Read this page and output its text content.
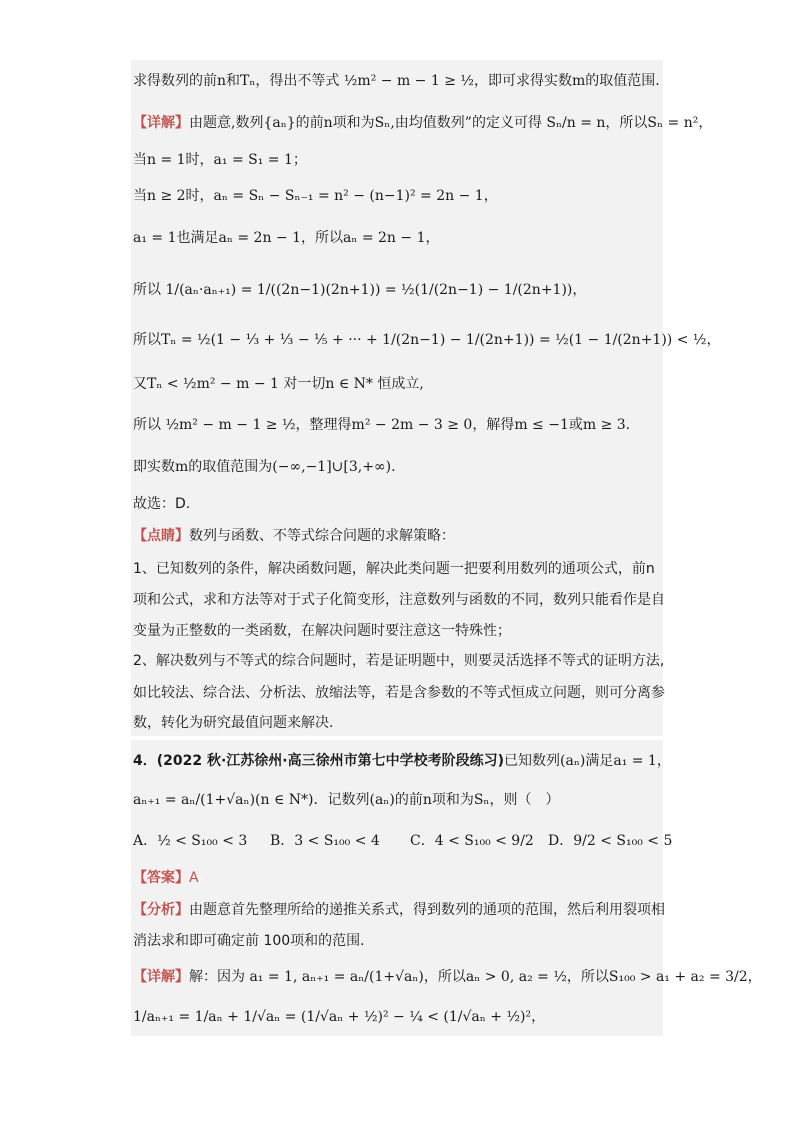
求得数列的前n和Tₙ，得出不等式 ½m² − m − 1 ≥ ½，即可求得实数m的取值范围.
【详解】由题意,数列{aₙ}的前n项和为Sₙ,由均值数列”的定义可得 Sₙ/n = n，所以Sₙ = n²，
当n = 1时，a₁ = S₁ = 1；
当n ≥ 2时，aₙ = Sₙ − Sₙ₋₁ = n² − (n−1)² = 2n − 1，
a₁ = 1也满足aₙ = 2n − 1，所以aₙ = 2n − 1，
所以 1/(aₙ·aₙ₊₁) = 1/((2n−1)(2n+1)) = ½(1/(2n−1) − 1/(2n+1))，
所以Tₙ = ½(1 − ⅓ + ⅓ − ⅕ + ··· + 1/(2n−1) − 1/(2n+1)) = ½(1 − 1/(2n+1)) < ½，
又Tₙ < ½m² − m − 1 对一切n ∈ N* 恒成立,
所以 ½m² − m − 1 ≥ ½，整理得m² − 2m − 3 ≥ 0，解得m ≤ −1或m ≥ 3.
即实数m的取值范围为(−∞,−1]∪[3,+∞).
故选：D.
【点睛】数列与函数、不等式综合问题的求解策略：
1、已知数列的条件，解决函数问题，解决此类问题一把要利用数列的通项公式，前n
项和公式，求和方法等对于式子化简变形，注意数列与函数的不同，数列只能看作是自
变量为正整数的一类函数，在解决问题时要注意这一特殊性；
2、解决数列与不等式的综合问题时，若是证明题中，则要灵活选择不等式的证明方法,
如比较法、综合法、分析法、放缩法等，若是含参数的不等式恒成立问题，则可分离参
数，转化为研究最值问题来解决.
4．(2022 秋·江苏徐州·高三徐州市第七中学校考阶段练习)已知数列(aₙ)满足a₁ = 1，
aₙ₊₁ = aₙ/(1+√aₙ)(n ∈ N*)．记数列(aₙ)的前n项和为Sₙ，则（　）
A．½ < S₁₀₀ < 3 B．3 < S₁₀₀ < 4 C．4 < S₁₀₀ < 9/2 D．9/2 < S₁₀₀ < 5
【答案】A
【分析】由题意首先整理所给的递推关系式，得到数列的通项的范围，然后利用裂项相
消法求和即可确定前 100项和的范围.
【详解】解：因为 a₁ = 1, aₙ₊₁ = aₙ/(1+√aₙ)，所以aₙ > 0, a₂ = ½，所以S₁₀₀ > a₁ + a₂ = 3/2，
1/aₙ₊₁ = 1/aₙ + 1/√aₙ = (1/√aₙ + ½)² − ¼ < (1/√aₙ + ½)²，
